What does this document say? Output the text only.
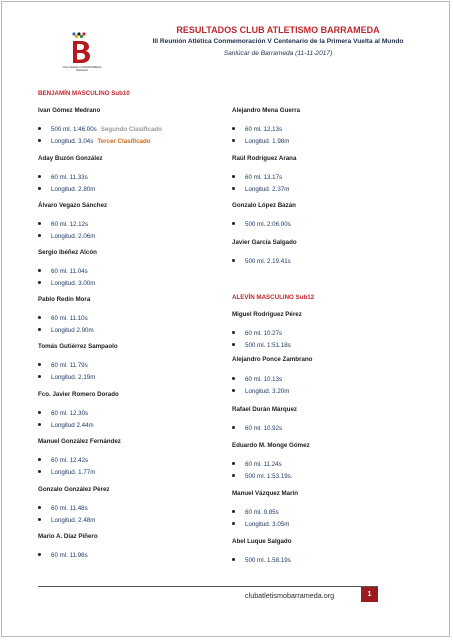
Club Atletismo BARRAMEDA Sanlúcar
RESULTADOS CLUB ATLETISMO BARRAMEDA
III Reunión Atlética Conmemoración V Centenario de la Primera Vuelta al Mundo
Sanlúcar de Barrameda (11-11-2017)
BENJAMÍN MASCULINO Sub10
Ivan Gómez Medrano
500 ml. 1:46.00s Segundo Clasificado
Longitud. 3.04s Tercer Clasificado
Aday Buzón González
60 ml. 11.33s
Longitud. 2.80m
Álvaro Vegazo Sánchez
60 ml. 12.12s
Longitud. 2.06m
Sergio Ibéñez Alcón
60 ml. 11.04s
Longitud. 3.00m
Pablo Redín Mora
60 ml. 11.10s
Longitud 2.90m
Tomás Gutiérrez Sampaolo
60 ml. 11.79s
Longitud. 2.19m
Fco. Javier Romero Dorado
60 ml. 12.30s
Longitud 2.44m
Manuel González Fernández
60 ml. 12.42s
Longitud. 1.77m
Gonzalo González Pérez
60 ml. 11.48s
Longitud. 2.48m
Mario A. Díaz Piñero
60 ml. 11.96s
Alejandro Mena Guerra
60 ml. 12,13s
Longitud. 1.98m
Raúl Rodríguez Arana
60 ml. 13.17s
Longitud. 2.37m
Gonzalo López Bazán
500 ml. 2:06.00s
Javier García Salgado
500 ml. 2.19.41s
ALEVÍN MASCULINO Sub12
Miguel Rodríguez Pérez
60 ml. 10.27s
500 ml. 1:51.18s
Alejandro Ponce Zambrano
60 ml. 10.13s
Longitud. 3.20m
Rafael Durán Márquez
60 ml. 10.92s
Eduardo M. Monge Gómez
60 ml. 11.24s
500 ml. 1:53.19s.
Manuel Vázquez Marín
60 ml. 9.85s
Longitud. 3.05m
Abel Luque Salgado
500 ml. 1.58.19s
clubatletismobarrameda.org	1
